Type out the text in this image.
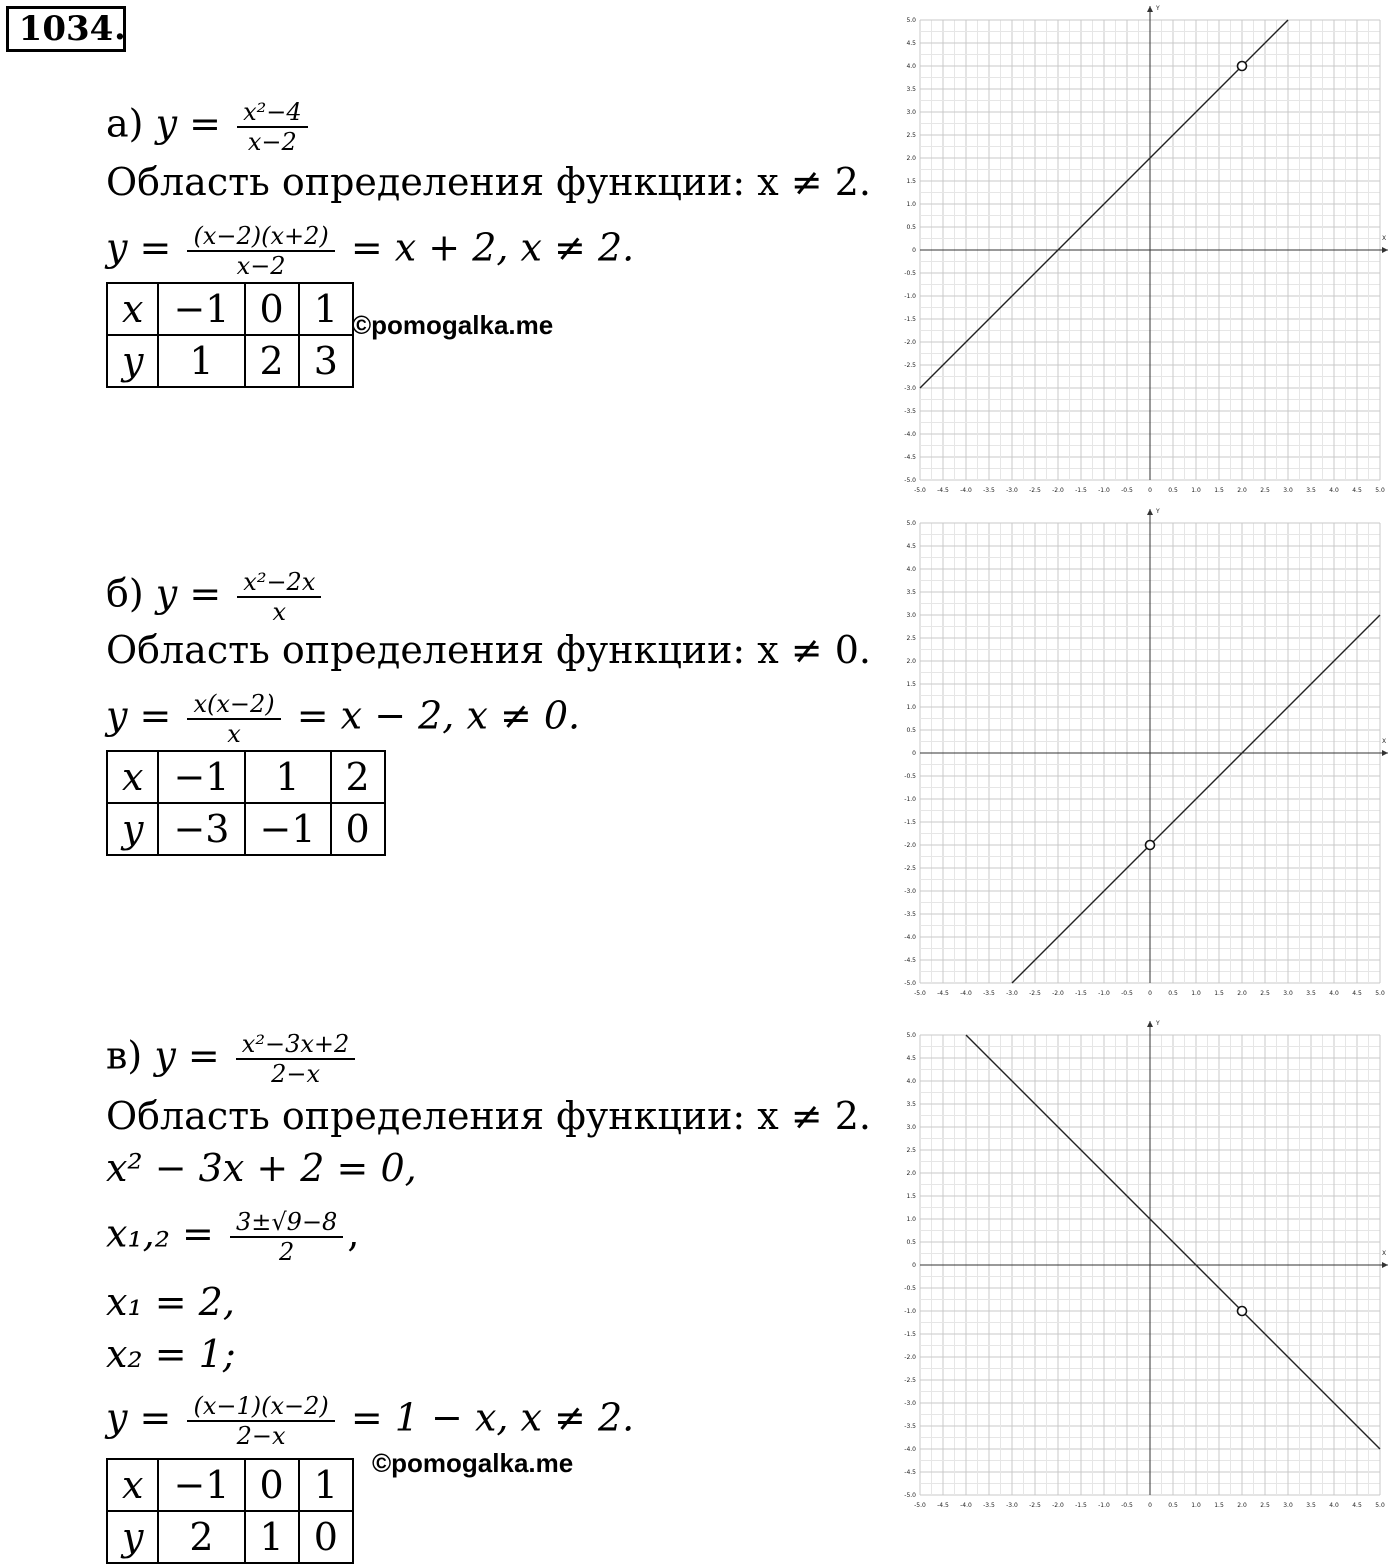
1034 .
а) $y = \frac{\text{x²−4}}{x-2}$
Область определения функции: x ≠ 2.
$y = \frac{(x-2)(x+2)}{x-2} = x + 2$, x ≠ 2.
x	−1	0	1
y	1	2	3
©pomogalka.me
б) $y = \frac{\text{x²−2x}}{x}$
Область определения функции: x ≠ 0.
$y = \frac{x(x-2)}{x} = x - 2$, x ≠ 0.
x	−1	1	2
y	−3	−1	0
в) $y = \frac{\text{x²−3x+2}}{2-x}$
Область определения функции: x ≠ 2.
x² − 3x + 2 = 0,
$x_1,_2 = \frac{3\pm√9-8}{2}$ ,
x₁ = 2,
x₂ = 1;
$y = \frac{(x-1)(x-2)}{2-x} = 1 - x$, x ≠ 2.
x	−1	0	1
y	2	1	0
©pomogalka.me
X
Y
-5.0 -4.5 -4.0 -3.5 -3.0 -2.5 -2.0 -1.5 -1.0 -0.5	0	0.5 1.0 1.5 2.0 2.5 3.0 3.5 4.0 4.5 5.0
5.0
4.5
4.0
3.5
3.0
2.5
2.0
1.5
1.0
0.5
0
-0.5
-1.0
-1.5
-2.0
-2.5
-3.0
-3.5
-4.0
-4.5
-5.0
X
Y
-5.0 -4.5 -4.0 -3.5 -3.0 -2.5 -2.0 -1.5 -1.0 -0.5	0	0.5 1.0 1.5 2.0 2.5 3.0 3.5 4.0 4.5 5.0
5.0
4.5
4.0
3.5
3.0
2.5
2.0
1.5
1.0
0.5
0
-0.5
-1.0
-1.5
-2.0
-2.5
-3.0
-3.5
-4.0
-4.5
-5.0
X
Y
-5.0 -4.5 -4.0 -3.5 -3.0 -2.5 -2.0 -1.5 -1.0 -0.5	0	0.5 1.0 1.5 2.0 2.5 3.0 3.5 4.0 4.5 5.0
5.0
4.5
4.0
3.5
3.0
2.5
2.0
1.5
1.0
0.5
0
-0.5
-1.0
-1.5
-2.0
-2.5
-3.0
-3.5
-4.0
-4.5
-5.0
